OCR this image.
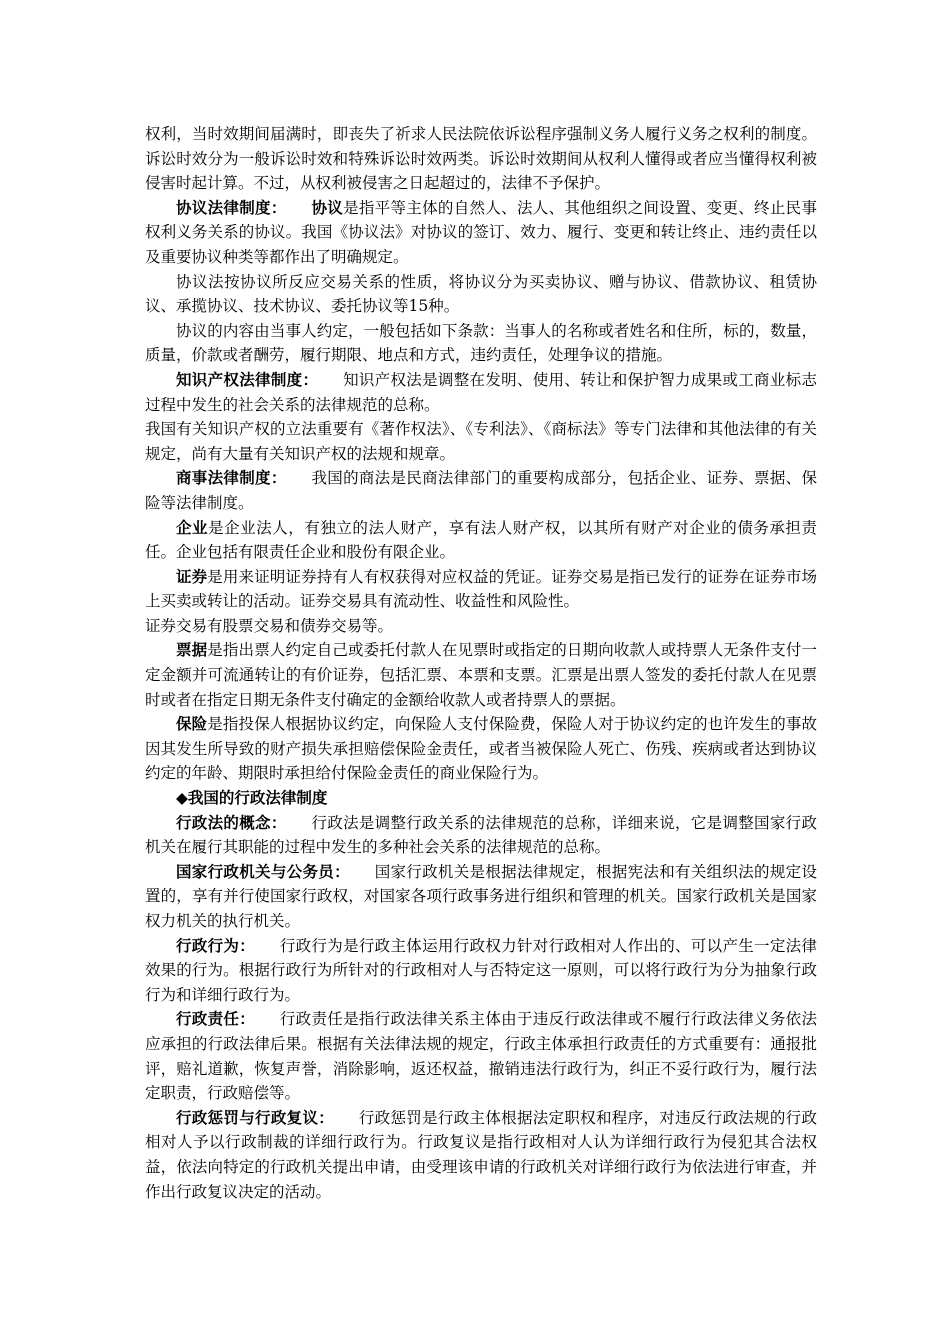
权利，当时效期间届满时，即丧失了祈求人民法院依诉讼程序强制义务人履行义务之权利的制度。诉讼时效分为一般诉讼时效和特殊诉讼时效两类。诉讼时效期间从权利人懂得或者应当懂得权利被侵害时起计算。不过，从权利被侵害之日起超过的，法律不予保护。

协议法律制度： 协议是指平等主体的自然人、法人、其他组织之间设置、变更、终止民事权利义务关系的协议。我国《协议法》对协议的签订、效力、履行、变更和转让终止、违约责任以及重要协议种类等都作出了明确规定。

协议法按协议所反应交易关系的性质，将协议分为买卖协议、赠与协议、借款协议、租赁协议、承揽协议、技术协议、委托协议等15种。

协议的内容由当事人约定，一般包括如下条款：当事人的名称或者姓名和住所，标的，数量，质量，价款或者酬劳，履行期限、地点和方式，违约责任，处理争议的措施。

知识产权法律制度： 知识产权法是调整在发明、使用、转让和保护智力成果或工商业标志过程中发生的社会关系的法律规范的总称。

我国有关知识产权的立法重要有《著作权法》、《专利法》、《商标法》等专门法律和其他法律的有关规定，尚有大量有关知识产权的法规和规章。

商事法律制度： 我国的商法是民商法律部门的重要构成部分，包括企业、证券、票据、保险等法律制度。

企业是企业法人，有独立的法人财产，享有法人财产权，以其所有财产对企业的债务承担责任。企业包括有限责任企业和股份有限企业。

证券是用来证明证券持有人有权获得对应权益的凭证。证券交易是指已发行的证券在证券市场上买卖或转让的活动。证券交易具有流动性、收益性和风险性。

证券交易有股票交易和债券交易等。

票据是指出票人约定自己或委托付款人在见票时或指定的日期向收款人或持票人无条件支付一定金额并可流通转让的有价证券，包括汇票、本票和支票。汇票是出票人签发的委托付款人在见票时或者在指定日期无条件支付确定的金额给收款人或者持票人的票据。

保险是指投保人根据协议约定，向保险人支付保险费，保险人对于协议约定的也许发生的事故因其发生所导致的财产损失承担赔偿保险金责任，或者当被保险人死亡、伤残、疾病或者达到协议约定的年龄、期限时承担给付保险金责任的商业保险行为。

◆我国的行政法律制度

行政法的概念： 行政法是调整行政关系的法律规范的总称，详细来说，它是调整国家行政机关在履行其职能的过程中发生的多种社会关系的法律规范的总称。

国家行政机关与公务员： 国家行政机关是根据法律规定，根据宪法和有关组织法的规定设置的，享有并行使国家行政权，对国家各项行政事务进行组织和管理的机关。国家行政机关是国家权力机关的执行机关。

行政行为： 行政行为是行政主体运用行政权力针对行政相对人作出的、可以产生一定法律效果的行为。根据行政行为所针对的行政相对人与否特定这一原则，可以将行政行为分为抽象行政行为和详细行政行为。

行政责任： 行政责任是指行政法律关系主体由于违反行政法律或不履行行政法律义务依法应承担的行政法律后果。根据有关法律法规的规定，行政主体承担行政责任的方式重要有：通报批评，赔礼道歉，恢复声誉，消除影响，返还权益，撤销违法行政行为，纠正不妥行政行为，履行法定职责，行政赔偿等。

行政惩罚与行政复议： 行政惩罚是行政主体根据法定职权和程序，对违反行政法规的行政相对人予以行政制裁的详细行政行为。行政复议是指行政相对人认为详细行政行为侵犯其合法权益，依法向特定的行政机关提出申请，由受理该申请的行政机关对详细行政行为依法进行审查，并作出行政复议决定的活动。
